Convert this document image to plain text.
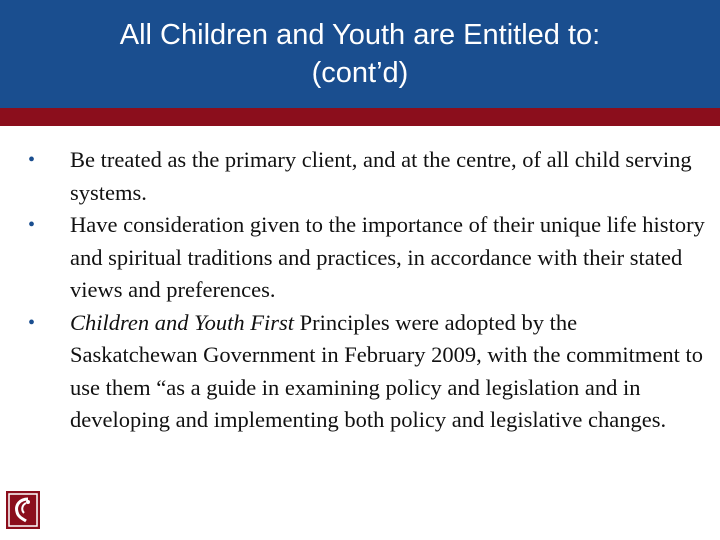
All Children and Youth are Entitled to:
(cont’d)
• Be treated as the primary client, and at the centre, of all child serving systems.
• Have consideration given to the importance of their unique life history and spiritual traditions and practices, in accordance with their stated views and preferences.
• Children and Youth First Principles were adopted by the Saskatchewan Government in February 2009, with the commitment to use them “as a guide in examining policy and legislation and in developing and implementing both policy and legislative changes.
